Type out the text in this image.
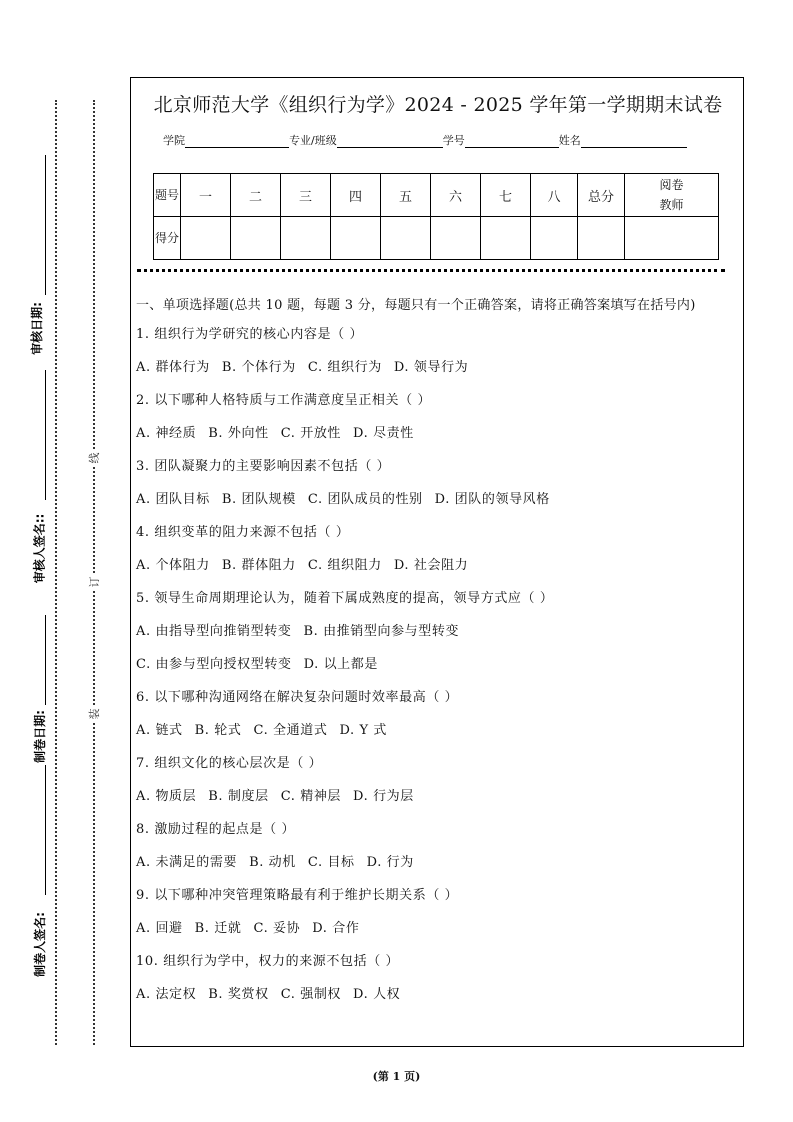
审核日期:
审核人签名::
制卷日期:
制卷人签名:
线
订
装
北京师范大学《组织行为学》2024 - 2025 学年第一学期期末试卷
学院	专业/班级	学号	姓名
题号	一	二	三	四	五	六	七	八	总分	阅卷
教师

得分										
一、单项选择题(总共 10 题，每题 3 分，每题只有一个正确答案，请将正确答案填写在括号内)
1. 组织行为学研究的核心内容是（ ）
A. 群体行为 B. 个体行为 C. 组织行为 D. 领导行为
2. 以下哪种人格特质与工作满意度呈正相关（ ）
A. 神经质 B. 外向性 C. 开放性 D. 尽责性
3. 团队凝聚力的主要影响因素不包括（ ）
A. 团队目标 B. 团队规模 C. 团队成员的性别 D. 团队的领导风格
4. 组织变革的阻力来源不包括（ ）
A. 个体阻力 B. 群体阻力 C. 组织阻力 D. 社会阻力
5. 领导生命周期理论认为，随着下属成熟度的提高，领导方式应（ ）
A. 由指导型向推销型转变 B. 由推销型向参与型转变
C. 由参与型向授权型转变 D. 以上都是
6. 以下哪种沟通网络在解决复杂问题时效率最高（ ）
A. 链式 B. 轮式 C. 全通道式 D. Y 式
7. 组织文化的核心层次是（ ）
A. 物质层 B. 制度层 C. 精神层 D. 行为层
8. 激励过程的起点是（ ）
A. 未满足的需要 B. 动机 C. 目标 D. 行为
9. 以下哪种冲突管理策略最有利于维护长期关系（ ）
A. 回避 B. 迁就 C. 妥协 D. 合作
10. 组织行为学中，权力的来源不包括（ ）
A. 法定权 B. 奖赏权 C. 强制权 D. 人权
(第 1 页)
